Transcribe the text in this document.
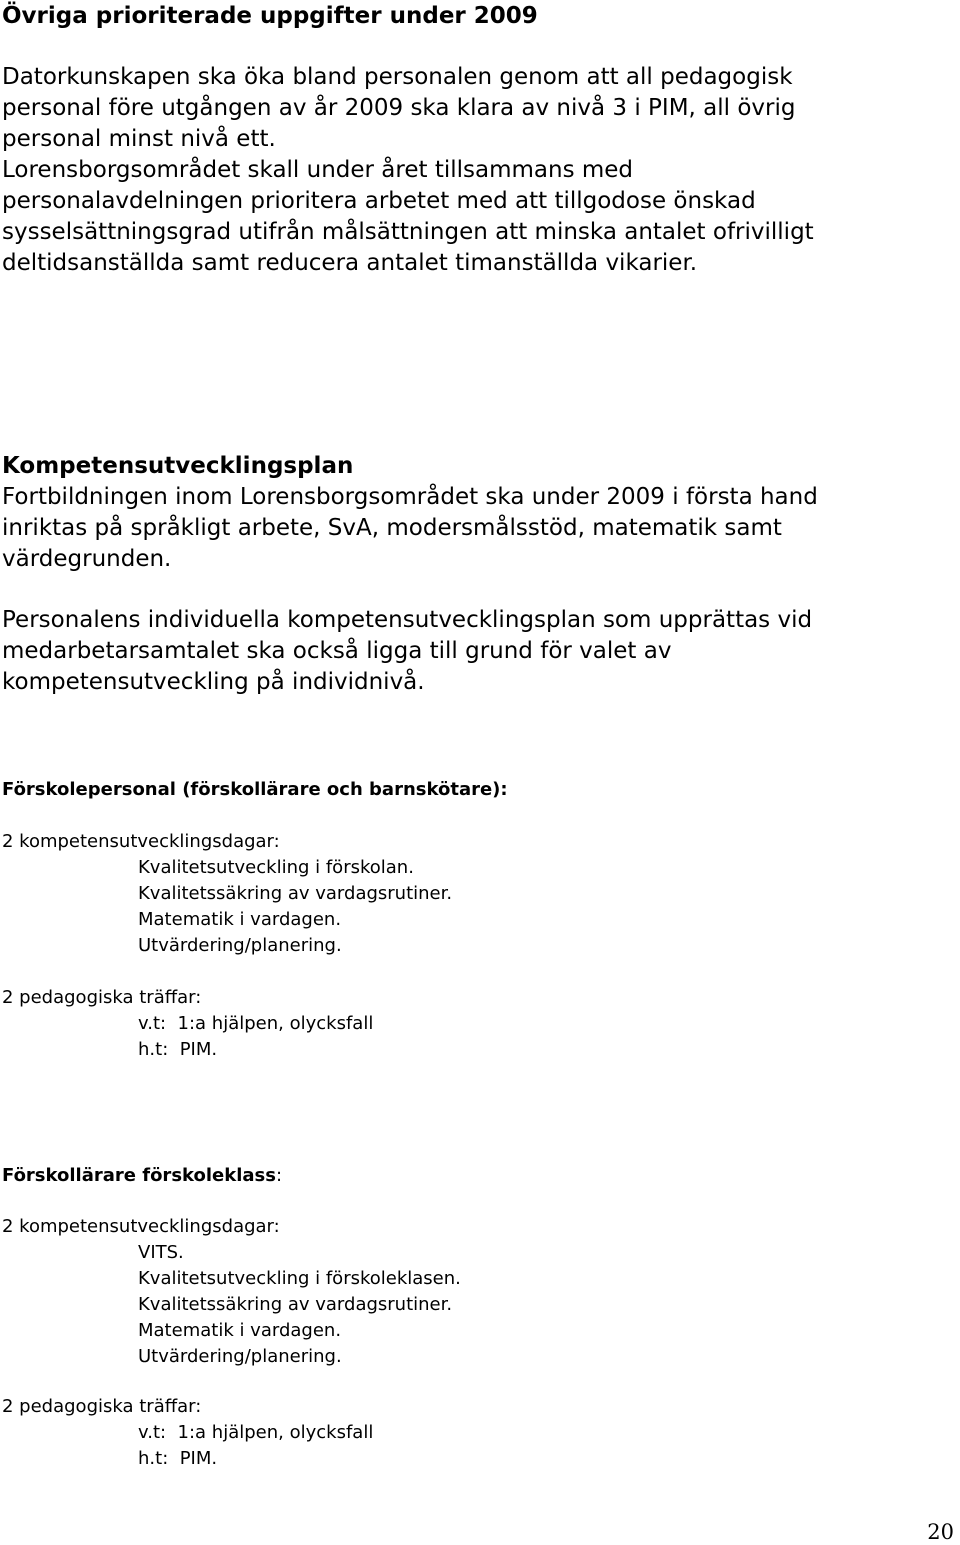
Övriga prioriterade uppgifter under 2009
Datorkunskapen ska öka bland personalen genom att all pedagogisk
personal före utgången av år 2009 ska klara av nivå 3 i PIM, all övrig
personal minst nivå ett.
Lorensborgsområdet skall under året tillsammans med
personalavdelningen prioritera arbetet med att tillgodose önskad
sysselsättningsgrad utifrån målsättningen att minska antalet ofrivilligt
deltidsanställda samt reducera antalet timanställda vikarier.
Kompetensutvecklingsplan
Fortbildningen inom Lorensborgsområdet ska under 2009 i första hand
inriktas på språkligt arbete, SvA, modersmålsstöd, matematik samt
värdegrunden.
Personalens individuella kompetensutvecklingsplan som upprättas vid
medarbetarsamtalet ska också ligga till grund för valet av
kompetensutveckling på individnivå.
Förskolepersonal (förskollärare och barnskötare):
2 kompetensutvecklingsdagar:
Kvalitetsutveckling i förskolan.
Kvalitetssäkring av vardagsrutiner.
Matematik i vardagen.
Utvärdering/planering.
2 pedagogiska träffar:
v.t:  1:a hjälpen, olycksfall
h.t:  PIM.
Förskollärare förskoleklass:
2 kompetensutvecklingsdagar:
VITS.
Kvalitetsutveckling i förskoleklasen.
Kvalitetssäkring av vardagsrutiner.
Matematik i vardagen.
Utvärdering/planering.
2 pedagogiska träffar:
v.t:  1:a hjälpen, olycksfall
h.t:  PIM.
20
